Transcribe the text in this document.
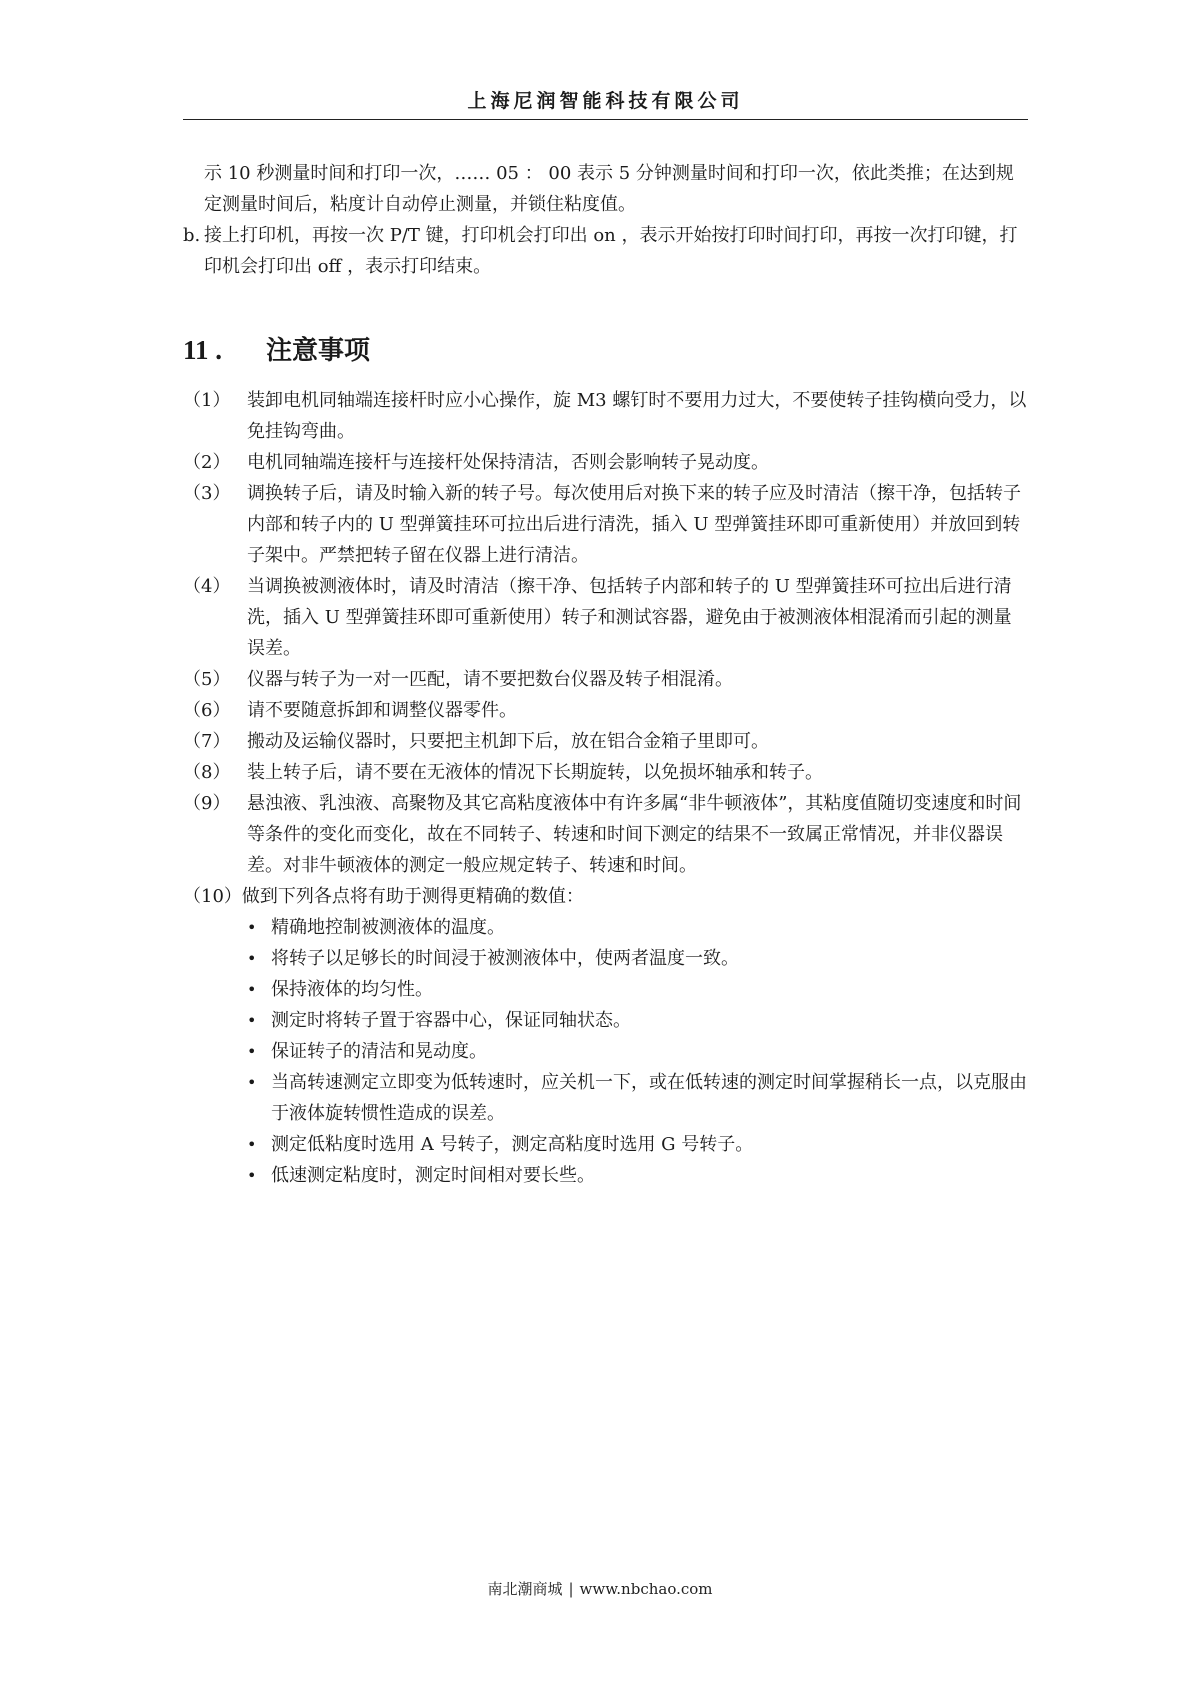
上海尼润智能科技有限公司

示 10 秒测量时间和打印一次，…… 05 ： 00 表示 5 分钟测量时间和打印一次，依此类推；在达到规定测量时间后，粘度计自动停止测量，并锁住粘度值。

b. 接上打印机，再按一次 P/T 键，打印机会打印出 on ，表示开始按打印时间打印，再按一次打印键，打印机会打印出 off ，表示打印结束。
11 .	注意事项
（1） 装卸电机同轴端连接杆时应小心操作，旋 M3 螺钉时不要用力过大，不要使转子挂钩横向受力，以免挂钩弯曲。
（2） 电机同轴端连接杆与连接杆处保持清洁，否则会影响转子晃动度。
（3） 调换转子后，请及时输入新的转子号。每次使用后对换下来的转子应及时清洁（擦干净，包括转子内部和转子内的 U 型弹簧挂环可拉出后进行清洗，插入 U 型弹簧挂环即可重新使用）并放回到转子架中。严禁把转子留在仪器上进行清洁。
（4） 当调换被测液体时，请及时清洁（擦干净、包括转子内部和转子的 U 型弹簧挂环可拉出后进行清洗，插入 U 型弹簧挂环即可重新使用）转子和测试容器，避免由于被测液体相混淆而引起的测量误差。
（5） 仪器与转子为一对一匹配，请不要把数台仪器及转子相混淆。
（6） 请不要随意拆卸和调整仪器零件。
（7） 搬动及运输仪器时，只要把主机卸下后，放在铝合金箱子里即可。
（8） 装上转子后，请不要在无液体的情况下长期旋转，以免损坏轴承和转子。
（9） 悬浊液、乳浊液、高聚物及其它高粘度液体中有许多属“非牛顿液体”，其粘度值随切变速度和时间等条件的变化而变化，故在不同转子、转速和时间下测定的结果不一致属正常情况，并非仪器误差。对非牛顿液体的测定一般应规定转子、转速和时间。
（10） 做到下列各点将有助于测得更精确的数值：
• 精确地控制被测液体的温度。
• 将转子以足够长的时间浸于被测液体中，使两者温度一致。
• 保持液体的均匀性。
• 测定时将转子置于容器中心，保证同轴状态。
• 保证转子的清洁和晃动度。
• 当高转速测定立即变为低转速时，应关机一下，或在低转速的测定时间掌握稍长一点，以克服由于液体旋转惯性造成的误差。
• 测定低粘度时选用 A 号转子，测定高粘度时选用 G 号转子。
• 低速测定粘度时，测定时间相对要长些。
南北潮商城 | www.nbchao.com
